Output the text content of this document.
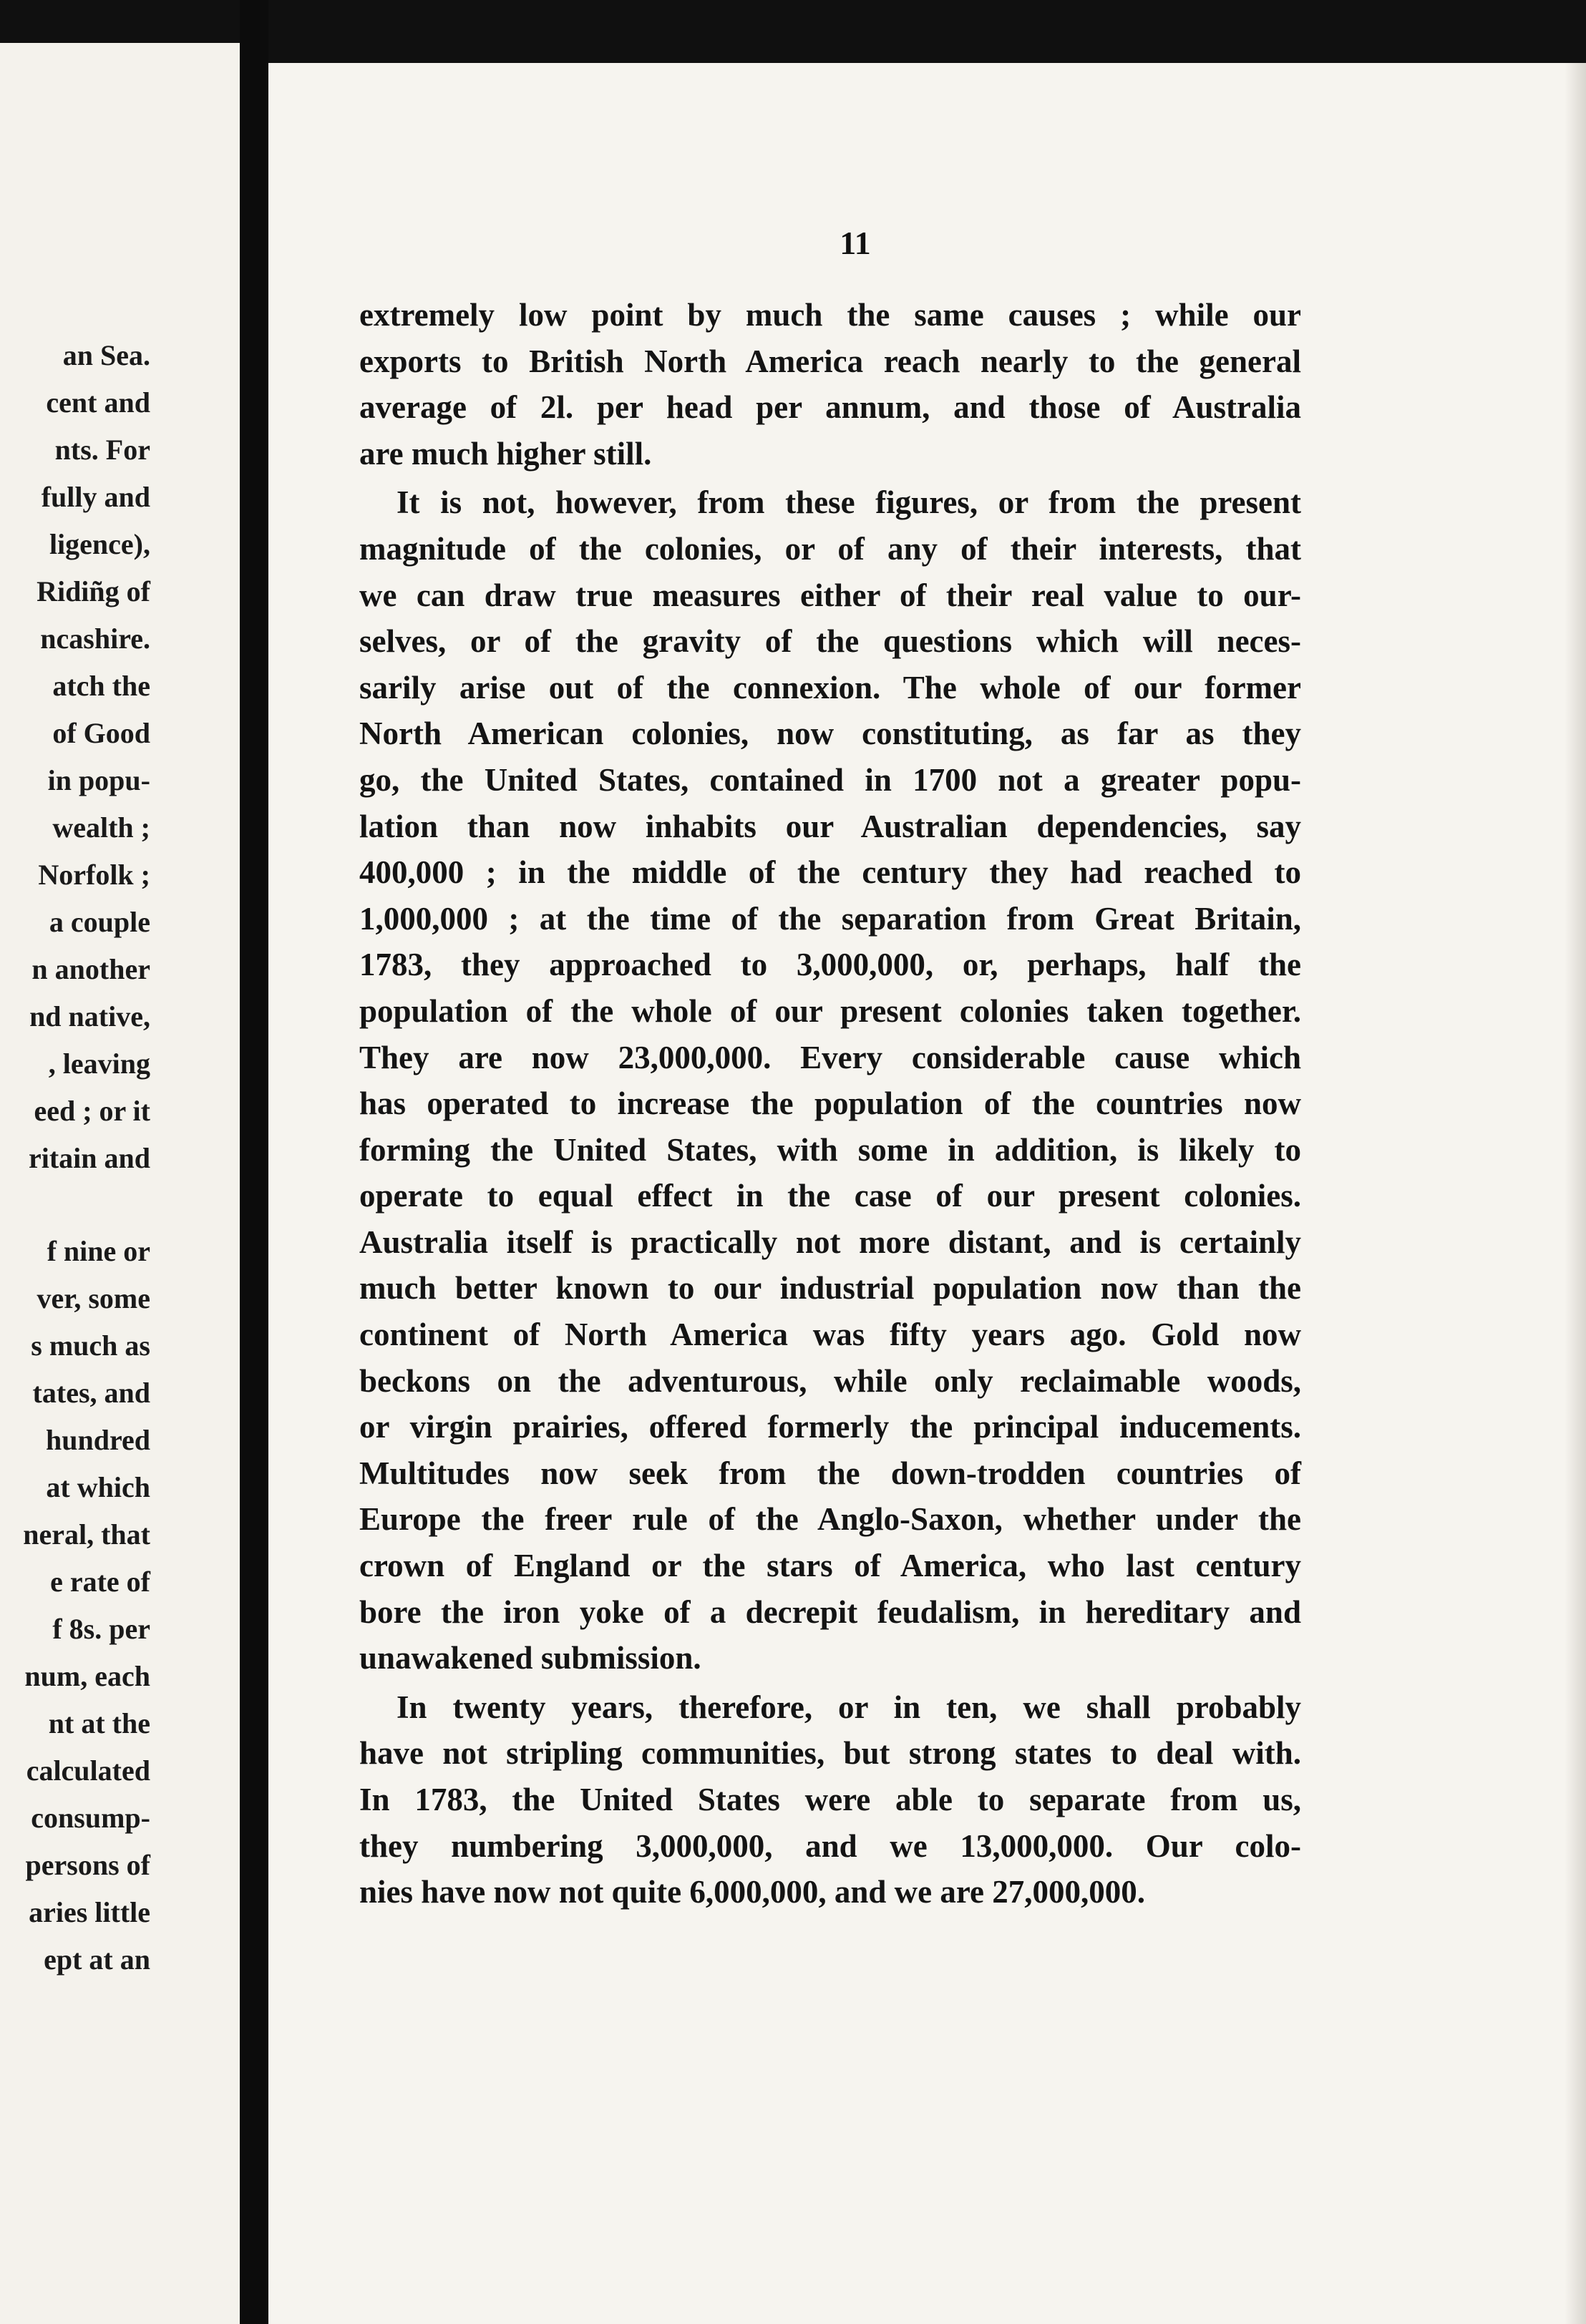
an Sea.
cent and
nts. For
fully and
ligence),
Ridiñg of
ncashire.
atch the
of Good
in popu-
wealth ;
Norfolk ;
a couple
n another
nd native,
, leaving
eed ; or it
ritain and
f nine or
ver, some
s much as
tates, and
hundred
at which
neral, that
e rate of
f 8s. per
num, each
nt at the
calculated
consump-
persons of
aries little
ept at an
11
extremely low point by much the same causes ; while our
exports to British North America reach nearly to the general
average of 2l. per head per annum, and those of Australia
are much higher still.
It is not, however, from these figures, or from the present
magnitude of the colonies, or of any of their interests, that
we can draw true measures either of their real value to our-
selves, or of the gravity of the questions which will neces-
sarily arise out of the connexion. The whole of our former
North American colonies, now constituting, as far as they
go, the United States, contained in 1700 not a greater popu-
lation than now inhabits our Australian dependencies, say
400,000 ; in the middle of the century they had reached to
1,000,000 ; at the time of the separation from Great Britain,
1783, they approached to 3,000,000, or, perhaps, half the
population of the whole of our present colonies taken together.
They are now 23,000,000. Every considerable cause which
has operated to increase the population of the countries now
forming the United States, with some in addition, is likely to
operate to equal effect in the case of our present colonies.
Australia itself is practically not more distant, and is certainly
much better known to our industrial population now than the
continent of North America was fifty years ago. Gold now
beckons on the adventurous, while only reclaimable woods,
or virgin prairies, offered formerly the principal inducements.
Multitudes now seek from the down-trodden countries of
Europe the freer rule of the Anglo-Saxon, whether under the
crown of England or the stars of America, who last century
bore the iron yoke of a decrepit feudalism, in hereditary and
unawakened submission.
In twenty years, therefore, or in ten, we shall probably
have not stripling communities, but strong states to deal with.
In 1783, the United States were able to separate from us,
they numbering 3,000,000, and we 13,000,000. Our colo-
nies have now not quite 6,000,000, and we are 27,000,000.
